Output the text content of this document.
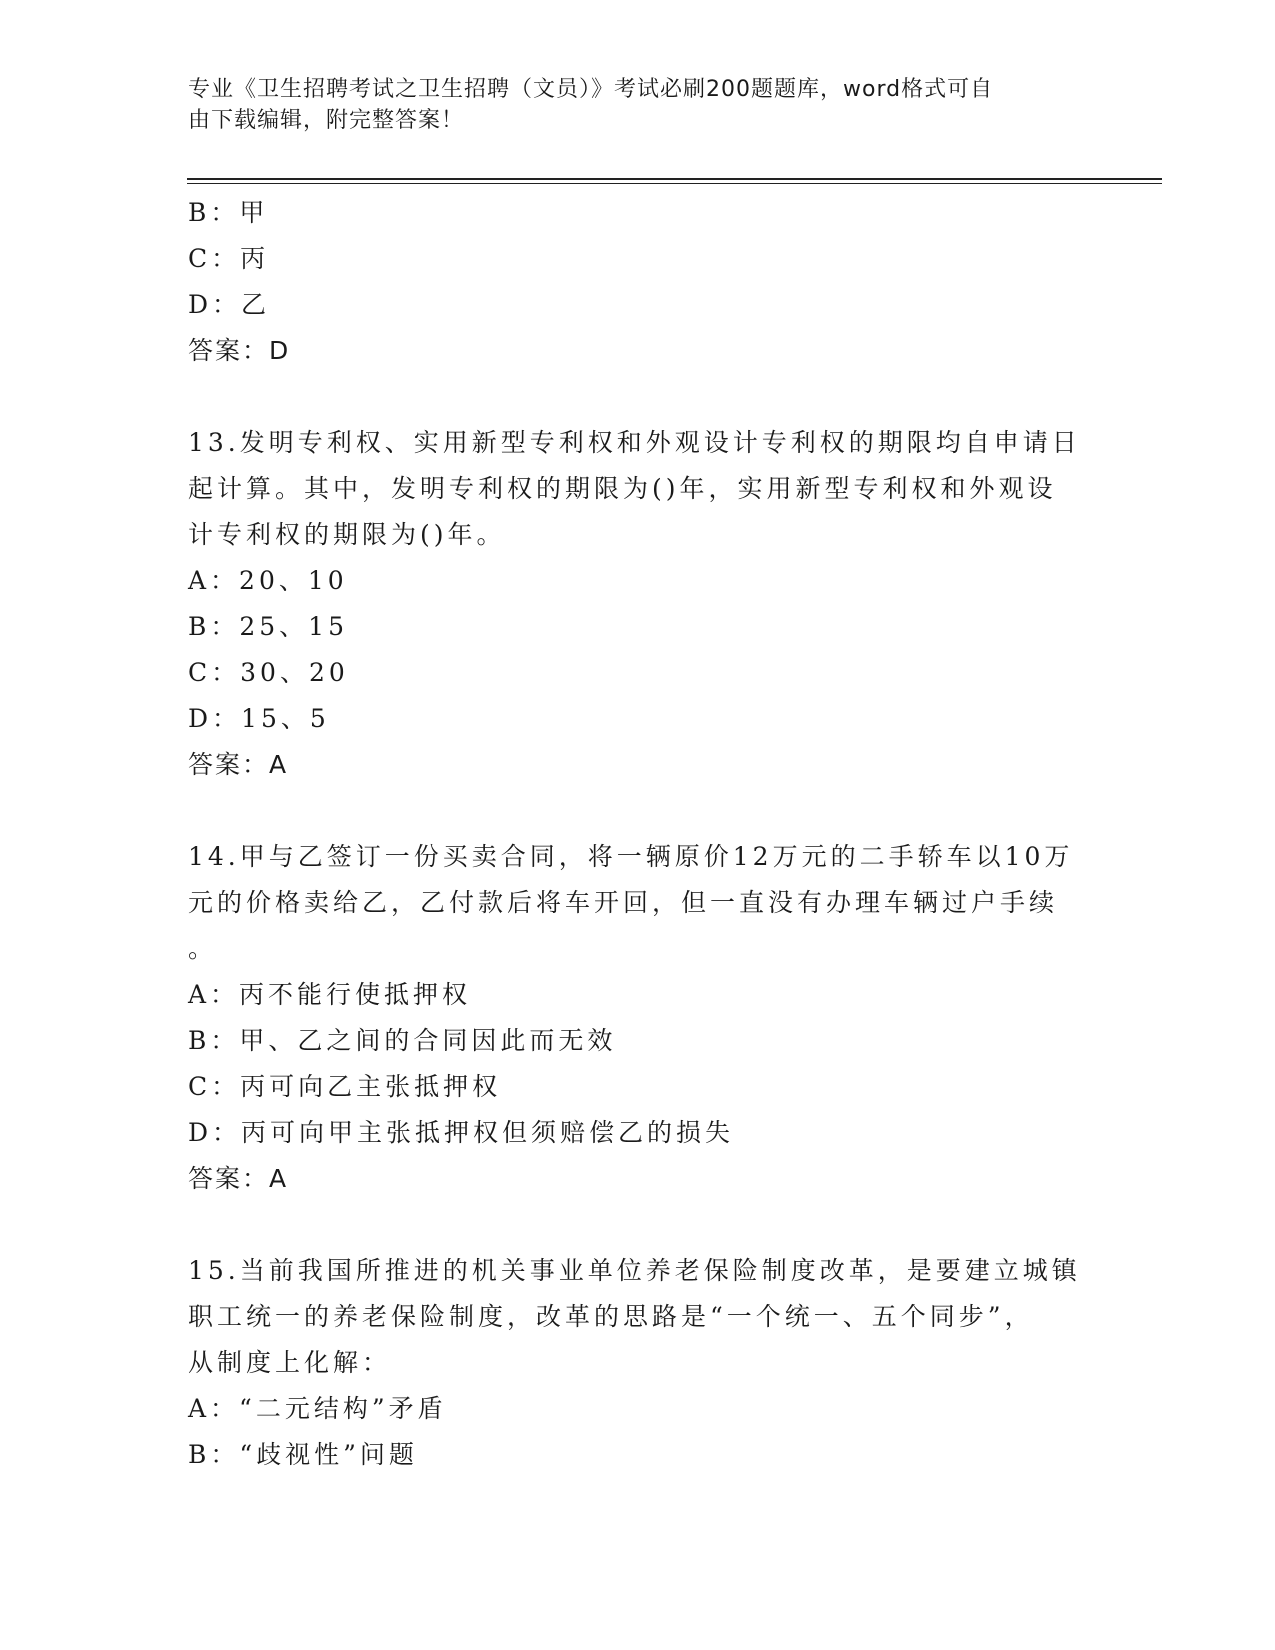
专业《卫生招聘考试之卫生招聘（文员）》考试必刷200题题库，word格式可自
由下载编辑，附完整答案！
B：甲
C：丙
D：乙
答案：D
13.发明专利权、实用新型专利权和外观设计专利权的期限均自申请日
起计算。其中，发明专利权的期限为()年，实用新型专利权和外观设
计专利权的期限为()年。
A：20、10
B：25、15
C：30、20
D：15、5
答案：A
14.甲与乙签订一份买卖合同，将一辆原价12万元的二手轿车以10万
元的价格卖给乙，乙付款后将车开回，但一直没有办理车辆过户手续
。
A：丙不能行使抵押权
B：甲、乙之间的合同因此而无效
C：丙可向乙主张抵押权
D：丙可向甲主张抵押权但须赔偿乙的损失
答案：A
15.当前我国所推进的机关事业单位养老保险制度改革，是要建立城镇
职工统一的养老保险制度，改革的思路是“一个统一、五个同步”，
从制度上化解：
A：“二元结构”矛盾
B：“歧视性”问题
